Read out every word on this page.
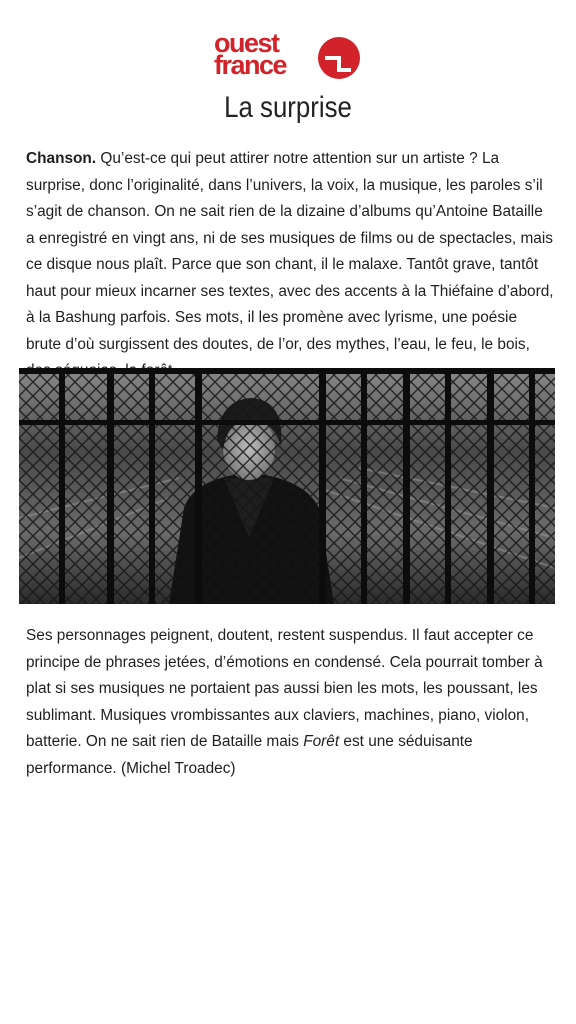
ouest
france
La surprise

Chanson. Qu’est-ce qui peut attirer notre attention sur un artiste ? La surprise, donc l’originalité, dans l’univers, la voix, la musique, les paroles s’il s’agit de chanson. On ne sait rien de la dizaine d’albums qu’Antoine Bataille a enregistré en vingt ans, ni de ses musiques de films ou de spectacles, mais ce disque nous plaît. Parce que son chant, il le malaxe. Tantôt grave, tantôt haut pour mieux incarner ses textes, avec des accents à la Thiéfaine d’abord, à la Bashung parfois. Ses mots, il les promène avec lyrisme, une poésie brute d’où surgissent des doutes, de l’or, des mythes, l’eau, le feu, le bois,

Ses personnages peignent, doutent, restent suspendus. Il faut accepter ce principe de phrases jetées, d’émotions en condensé. Cela pourrait tomber à plat si ses musiques ne portaient pas aussi bien les mots, les poussant, les sublimant. Musiques vrombissantes aux claviers, machines, piano, violon, batterie. On ne sait rien de Bataille mais Forêt est une séduisante performance. (Michel Troadec)
